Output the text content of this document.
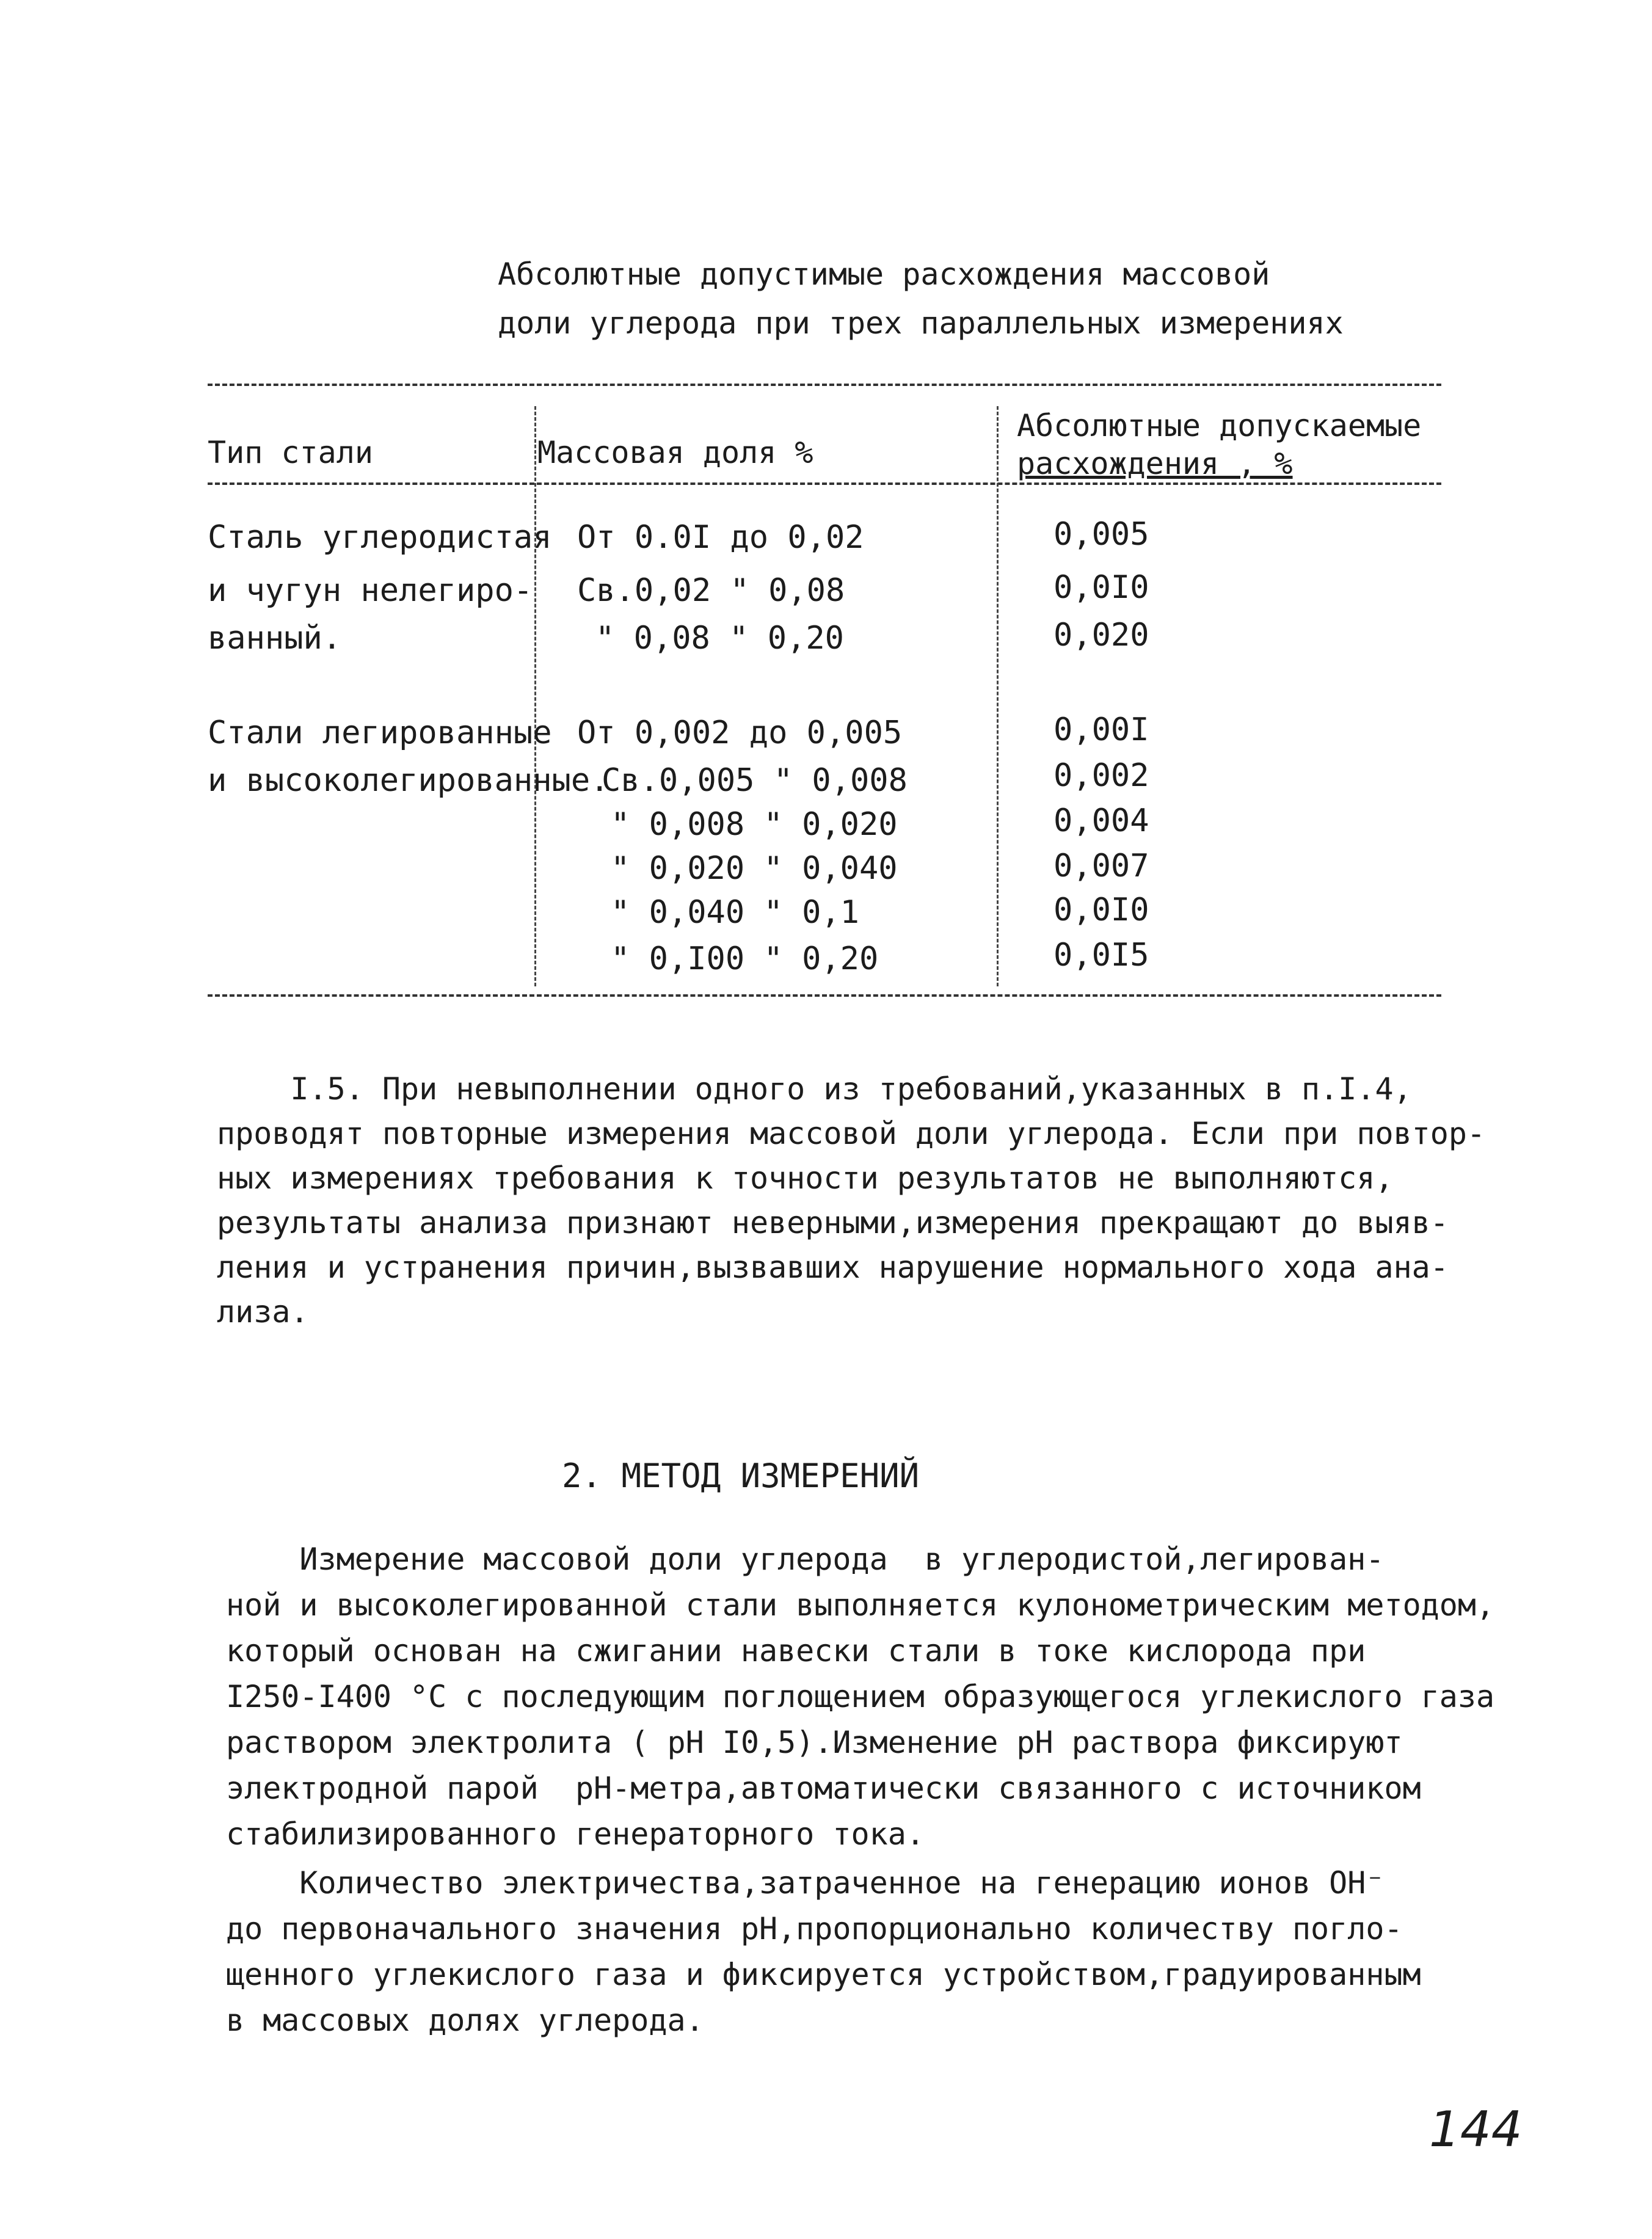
Абсолютные допустимые расхождения массовой
доли углерода при трех параллельных измерениях
Тип стали	Массовая доля %
Абсолютные допускаемые
расхождения , %
Сталь углеродистая
и чугун нелегиро-
ванный.
От 0.0I до 0,02
Св.0,02 " 0,08
" 0,08 " 0,20
0,005
0,0I0
0,020
Стали легированные
и высоколегированные.
От 0,002 до 0,005
Св.0,005 " 0,008
" 0,008 " 0,020
" 0,020 " 0,040
" 0,040 " 0,1
" 0,I00 " 0,20
0,00I
0,002
0,004
0,007
0,0I0
0,0I5
I.5. При невыполнении одного из требований,указанных в п.I.4,
проводят повторные измерения массовой доли углерода. Если при повтор-
ных измерениях требования к точности результатов не выполняются,
результаты анализа признают неверными,измерения прекращают до выяв-
ления и устранения причин,вызвавших нарушение нормального хода ана-
лиза.
2. МЕТОД ИЗМЕРЕНИЙ
Измерение массовой доли углерода  в углеродистой,легирован-
ной и высоколегированной стали выполняется кулонометрическим методом,
который основан на сжигании навески стали в токе кислорода при
I250-I400 °С с последующим поглощением образующегося углекислого газа
раствором электролита ( рН I0,5).Изменение рН раствора фиксируют
электродной парой  рН-метра,автоматически связанного с источником
стабилизированного генераторного тока.
Количество электричества,затраченное на генерацию ионов ОН⁻
до первоначального значения рН,пропорционально количеству погло-
щенного углекислого газа и фиксируется устройством,градуированным
в массовых долях углерода.
144
